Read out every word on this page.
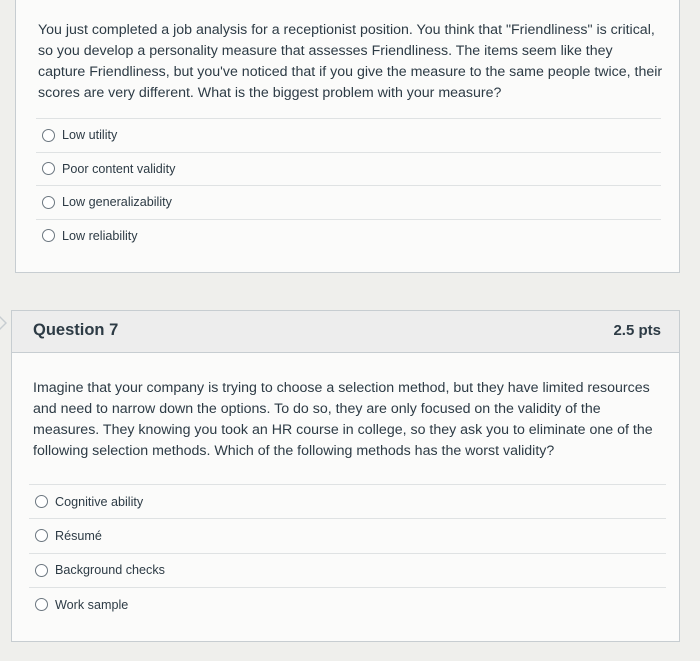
You just completed a job analysis for a receptionist position. You think that "Friendliness" is critical, so you develop a personality measure that assesses Friendliness. The items seem like they capture Friendliness, but you've noticed that if you give the measure to the same people twice, their scores are very different. What is the biggest problem with your measure?
Low utility
Poor content validity
Low generalizability
Low reliability
Question 7	2.5 pts
Imagine that your company is trying to choose a selection method, but they have limited resources and need to narrow down the options. To do so, they are only focused on the validity of the measures. They knowing you took an HR course in college, so they ask you to eliminate one of the following selection methods. Which of the following methods has the worst validity?
Cognitive ability
Résumé
Background checks
Work sample
